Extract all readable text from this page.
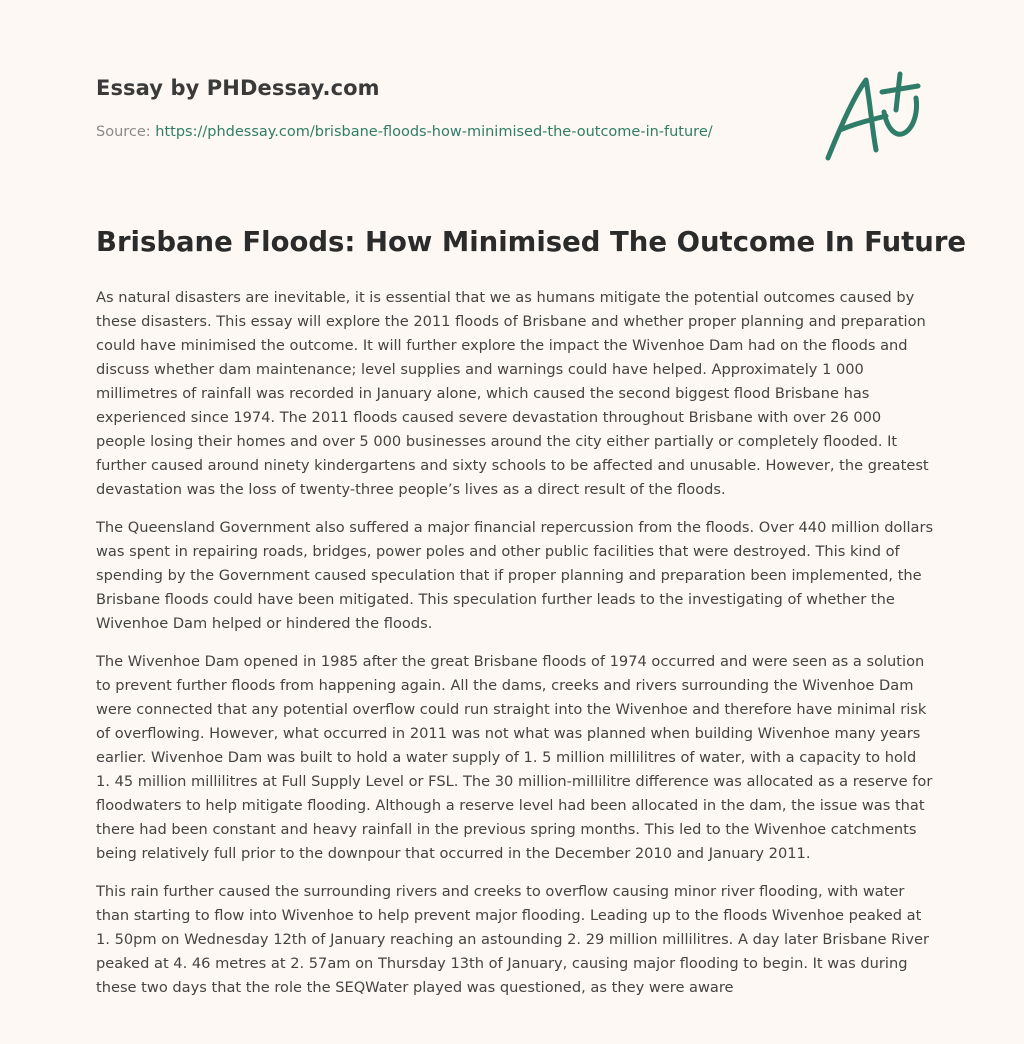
Essay by PHDessay.com
Source: https://phdessay.com/brisbane-floods-how-minimised-the-outcome-in-future/
Brisbane Floods: How Minimised The Outcome In Future

As natural disasters are inevitable, it is essential that we as humans mitigate the potential outcomes caused by these disasters. This essay will explore the 2011 floods of Brisbane and whether proper planning and preparation could have minimised the outcome. It will further explore the impact the Wivenhoe Dam had on the floods and discuss whether dam maintenance; level supplies and warnings could have helped. Approximately 1 000 millimetres of rainfall was recorded in January alone, which caused the second biggest flood Brisbane has experienced since 1974. The 2011 floods caused severe devastation throughout Brisbane with over 26 000 people losing their homes and over 5 000 businesses around the city either partially or completely flooded. It further caused around ninety kindergartens and sixty schools to be affected and unusable. However, the greatest devastation was the loss of twenty-three people’s lives as a direct result of the floods.

The Queensland Government also suffered a major financial repercussion from the floods. Over 440 million dollars was spent in repairing roads, bridges, power poles and other public facilities that were destroyed. This kind of spending by the Government caused speculation that if proper planning and preparation been implemented, the Brisbane floods could have been mitigated. This speculation further leads to the investigating of whether the Wivenhoe Dam helped or hindered the floods.

The Wivenhoe Dam opened in 1985 after the great Brisbane floods of 1974 occurred and were seen as a solution to prevent further floods from happening again. All the dams, creeks and rivers surrounding the Wivenhoe Dam were connected that any potential overflow could run straight into the Wivenhoe and therefore have minimal risk of overflowing. However, what occurred in 2011 was not what was planned when building Wivenhoe many years earlier. Wivenhoe Dam was built to hold a water supply of 1. 5 million millilitres of water, with a capacity to hold 1. 45 million millilitres at Full Supply Level or FSL. The 30 million-millilitre difference was allocated as a reserve for floodwaters to help mitigate flooding. Although a reserve level had been allocated in the dam, the issue was that there had been constant and heavy rainfall in the previous spring months. This led to the Wivenhoe catchments being relatively full prior to the downpour that occurred in the December 2010 and January 2011.

This rain further caused the surrounding rivers and creeks to overflow causing minor river flooding, with water than starting to flow into Wivenhoe to help prevent major flooding. Leading up to the floods Wivenhoe peaked at 1. 50pm on Wednesday 12th of January reaching an astounding 2. 29 million millilitres. A day later Brisbane River peaked at 4. 46 metres at 2. 57am on Thursday 13th of January, causing major flooding to begin. It was during these two days that the role the SEQWater played was questioned, as they were aware
